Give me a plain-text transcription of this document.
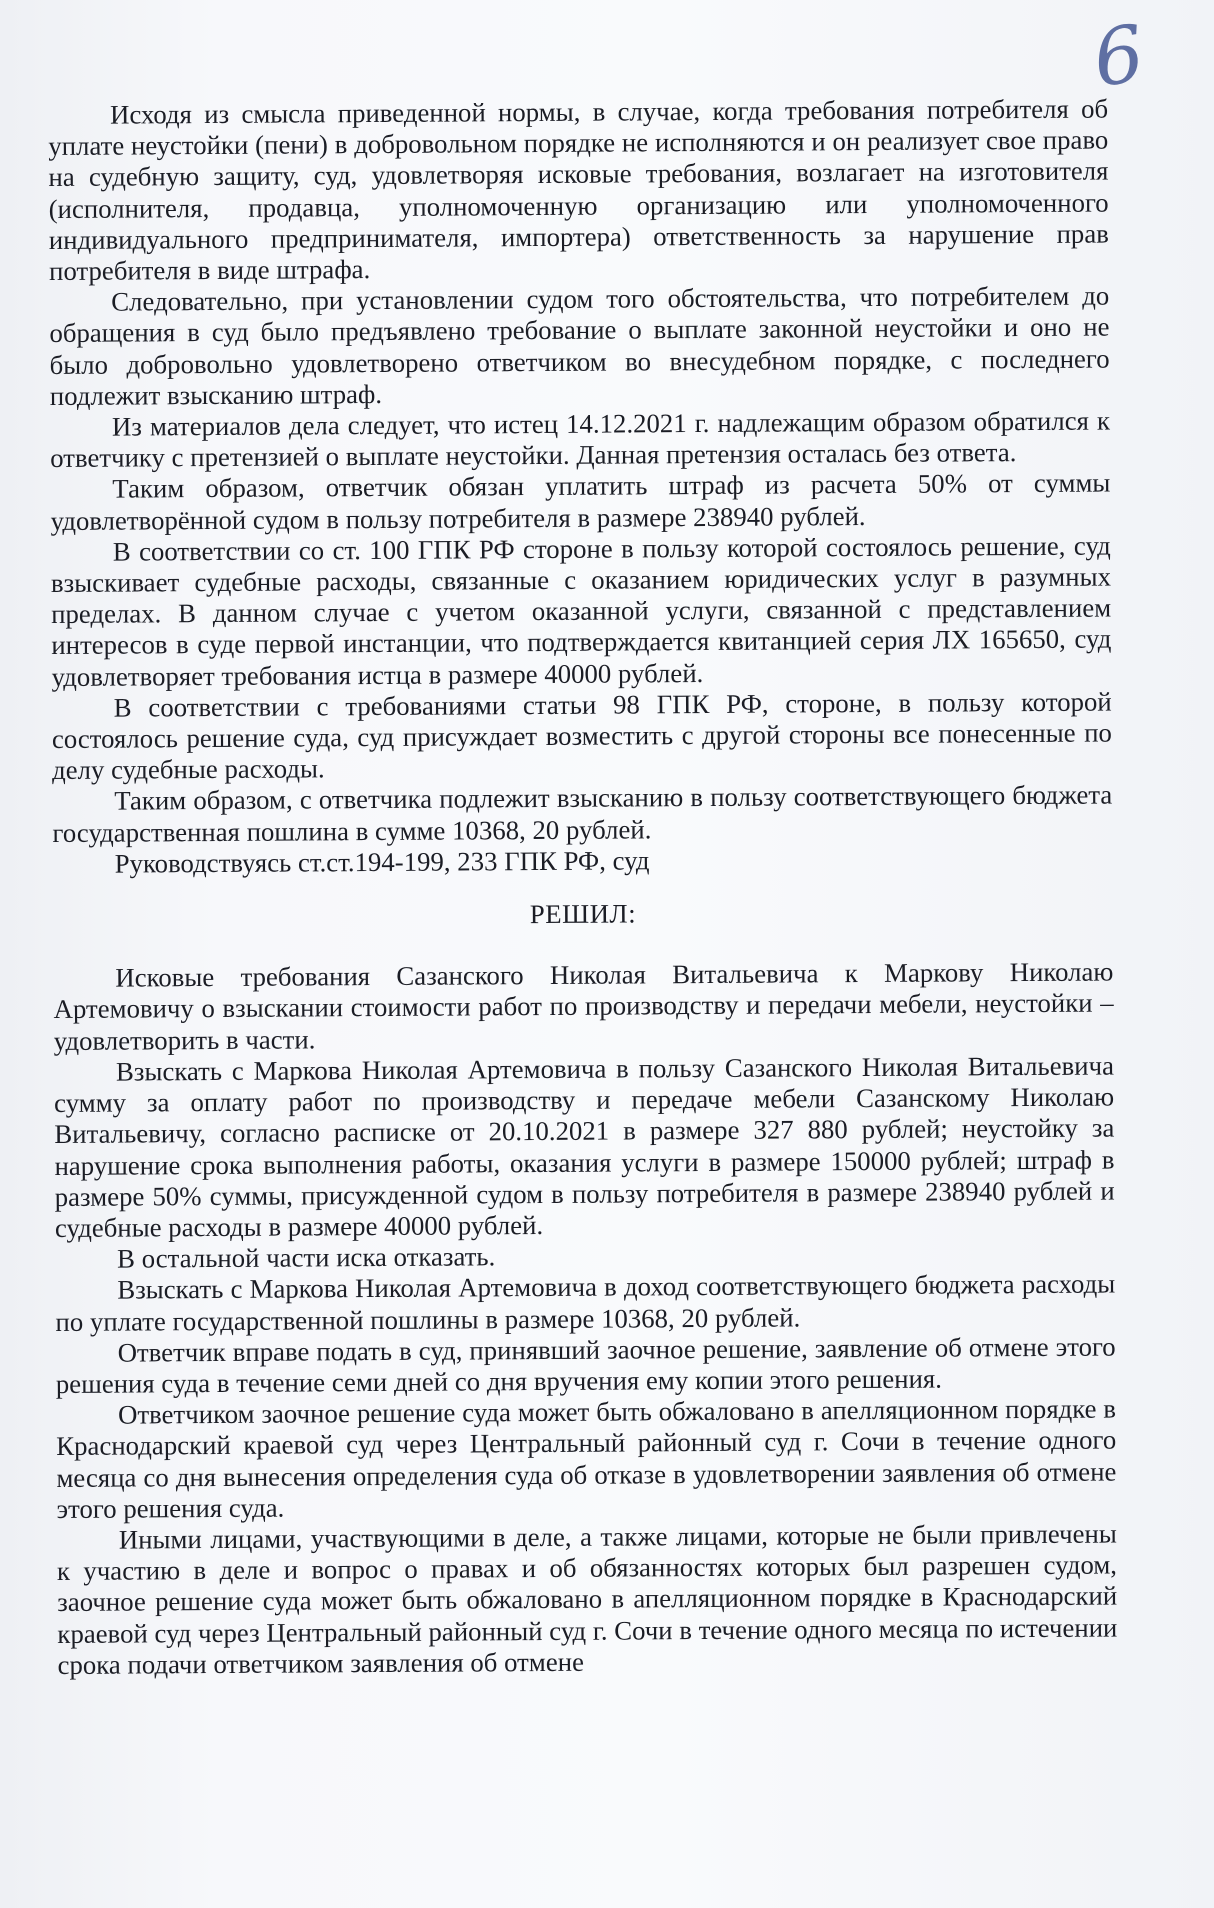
6

Исходя из смысла приведенной нормы, в случае, когда требования потребителя об уплате неустойки (пени) в добровольном порядке не исполняются и он реализует свое право на судебную защиту, суд, удовлетворяя исковые требования, возлагает на изготовителя (исполнителя, продавца, уполномоченную организацию или уполномоченного индивидуального предпринимателя, импортера) ответственность за нарушение прав потребителя в виде штрафа.

Следовательно, при установлении судом того обстоятельства, что потребителем до обращения в суд было предъявлено требование о выплате законной неустойки и оно не было добровольно удовлетворено ответчиком во внесудебном порядке, с последнего подлежит взысканию штраф.

Из материалов дела следует, что истец 14.12.2021 г. надлежащим образом обратился к ответчику с претензией о выплате неустойки. Данная претензия осталась без ответа.

Таким образом, ответчик обязан уплатить штраф из расчета 50% от суммы удовлетворённой судом в пользу потребителя в размере 238940 рублей.

В соответствии со ст. 100 ГПК РФ стороне в пользу которой состоялось решение, суд взыскивает судебные расходы, связанные с оказанием юридических услуг в разумных пределах. В данном случае с учетом оказанной услуги, связанной с представлением интересов в суде первой инстанции, что подтверждается квитанцией серия ЛХ 165650, суд удовлетворяет требования истца в размере 40000 рублей.

В соответствии с требованиями статьи 98 ГПК РФ, стороне, в пользу которой состоялось решение суда, суд присуждает возместить с другой стороны все понесенные по делу судебные расходы.

Таким образом, с ответчика подлежит взысканию в пользу соответствующего бюджета государственная пошлина в сумме 10368, 20 рублей.

Руководствуясь ст.ст.194-199, 233 ГПК РФ, суд

РЕШИЛ:

Исковые требования Сазанского Николая Витальевича к Маркову Николаю Артемовичу о взыскании стоимости работ по производству и передачи мебели, неустойки – удовлетворить в части.

Взыскать с Маркова Николая Артемовича в пользу Сазанского Николая Витальевича сумму за оплату работ по производству и передаче мебели Сазанскому Николаю Витальевичу, согласно расписке от 20.10.2021 в размере 327 880 рублей; неустойку за нарушение срока выполнения работы, оказания услуги в размере 150000 рублей; штраф в размере 50% суммы, присужденной судом в пользу потребителя в размере 238940 рублей и судебные расходы в размере 40000 рублей.

В остальной части иска отказать.

Взыскать с Маркова Николая Артемовича в доход соответствующего бюджета расходы по уплате государственной пошлины в размере 10368, 20 рублей.

Ответчик вправе подать в суд, принявший заочное решение, заявление об отмене этого решения суда в течение семи дней со дня вручения ему копии этого решения.

Ответчиком заочное решение суда может быть обжаловано в апелляционном порядке в Краснодарский краевой суд через Центральный районный суд г. Сочи в течение одного месяца со дня вынесения определения суда об отказе в удовлетворении заявления об отмене этого решения суда.

Иными лицами, участвующими в деле, а также лицами, которые не были привлечены к участию в деле и вопрос о правах и об обязанностях которых был разрешен судом, заочное решение суда может быть обжаловано в апелляционном порядке в Краснодарский краевой суд через Центральный районный суд г. Сочи в течение одного месяца по истечении срока подачи ответчиком заявления об отмене
